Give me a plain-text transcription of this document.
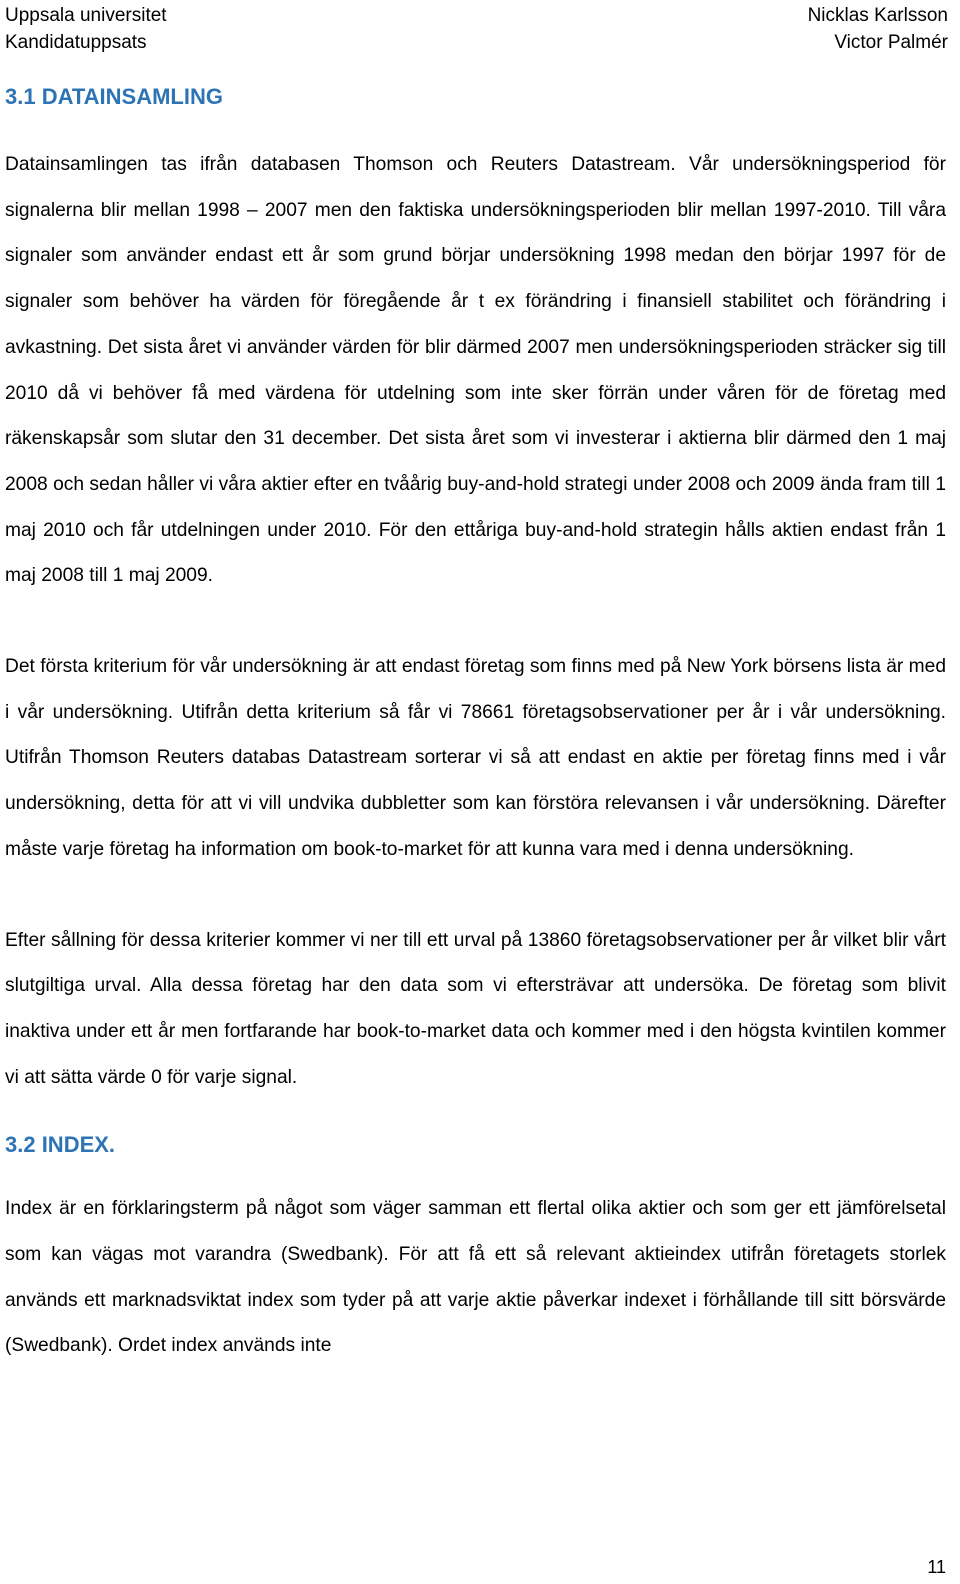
Uppsala universitet
Kandidatuppsats
Nicklas Karlsson
Victor Palmér
3.1 DATAINSAMLING

Datainsamlingen tas ifrån databasen Thomson och Reuters Datastream. Vår undersökningsperiod för signalerna blir mellan 1998 – 2007 men den faktiska undersökningsperioden blir mellan 1997-2010. Till våra signaler som använder endast ett år som grund börjar undersökning 1998 medan den börjar 1997 för de signaler som behöver ha värden för föregående år t ex förändring i finansiell stabilitet och förändring i avkastning. Det sista året vi använder värden för blir därmed 2007 men undersökningsperioden sträcker sig till 2010 då vi behöver få med värdena för utdelning som inte sker förrän under våren för de företag med räkenskapsår som slutar den 31 december. Det sista året som vi investerar i aktierna blir därmed den 1 maj 2008 och sedan håller vi våra aktier efter en tvåårig buy-and-hold strategi under 2008 och 2009 ända fram till 1 maj 2010 och får utdelningen under 2010. För den ettåriga buy-and-hold strategin hålls aktien endast från 1 maj 2008 till 1 maj 2009.

Det första kriterium för vår undersökning är att endast företag som finns med på New York börsens lista är med i vår undersökning. Utifrån detta kriterium så får vi 78661 företagsobservationer per år i vår undersökning. Utifrån Thomson Reuters databas Datastream sorterar vi så att endast en aktie per företag finns med i vår undersökning, detta för att vi vill undvika dubbletter som kan förstöra relevansen i vår undersökning. Därefter måste varje företag ha information om book-to-market för att kunna vara med i denna undersökning.

Efter sållning för dessa kriterier kommer vi ner till ett urval på 13860 företagsobservationer per år vilket blir vårt slutgiltiga urval. Alla dessa företag har den data som vi eftersträvar att undersöka. De företag som blivit inaktiva under ett år men fortfarande har book-to-market data och kommer med i den högsta kvintilen kommer vi att sätta värde 0 för varje signal.

3.2 INDEX.

Index är en förklaringsterm på något som väger samman ett flertal olika aktier och som ger ett jämförelsetal som kan vägas mot varandra (Swedbank). För att få ett så relevant aktieindex utifrån företagets storlek används ett marknadsviktat index som tyder på att varje aktie påverkar indexet i förhållande till sitt börsvärde (Swedbank). Ordet index används inte

11
